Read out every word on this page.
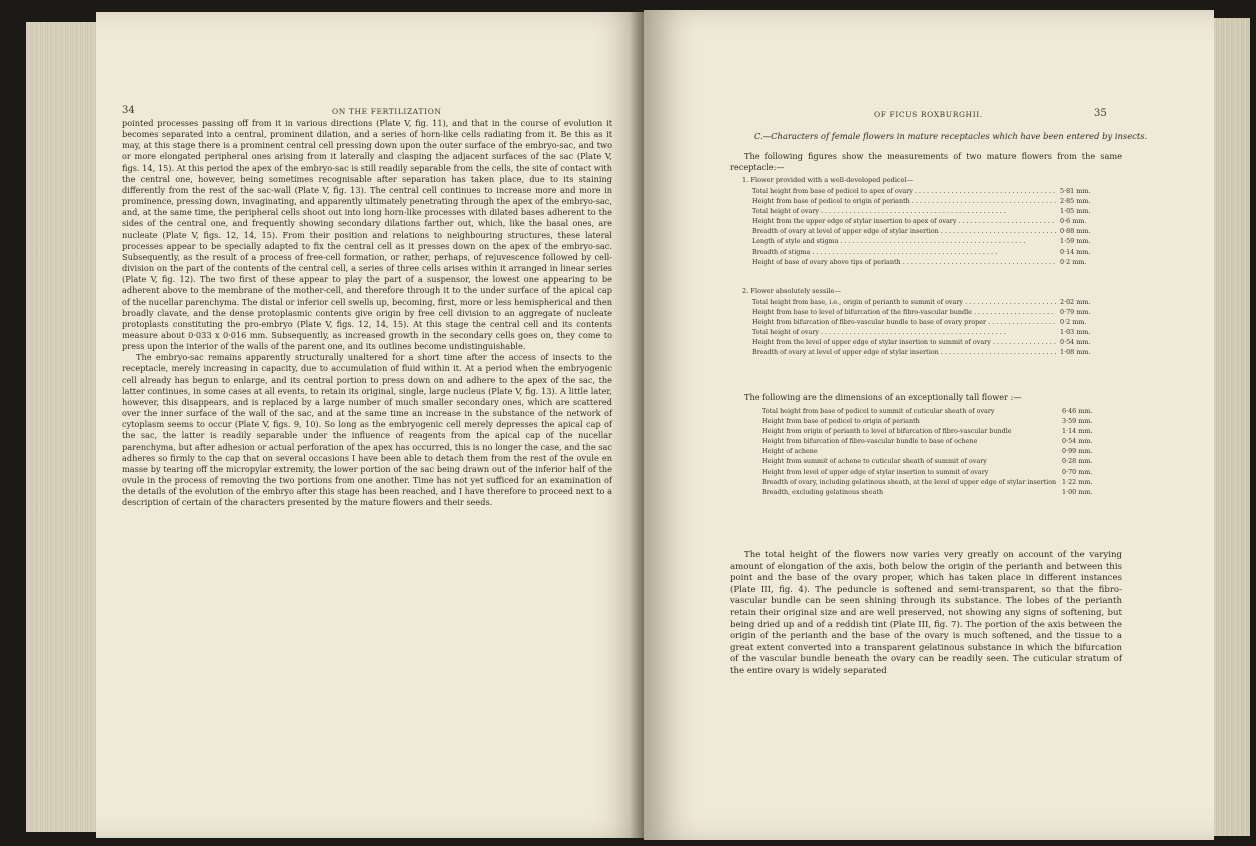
34	ON THE FERTILIZATION

pointed processes passing off from it in various directions (Plate V, fig. 11), and that in the course of evolution it becomes separated into a central, prominent dilation, and a series of horn-like cells radiating from it. Be this as it may, at this stage there is a prominent central cell pressing down upon the outer surface of the embryo-sac, and two or more elongated peripheral ones arising from it laterally and clasping the adjacent surfaces of the sac (Plate V, figs. 14, 15). At this period the apex of the embryo-sac is still readily separable from the cells, the site of contact with the central one, however, being sometimes recognisable after separation has taken place, due to its staining differently from the rest of the sac-wall (Plate V, fig. 13). The central cell continues to increase more and more in prominence, pressing down, invaginating, and apparently ultimately penetrating through the apex of the embryo-sac, and, at the same time, the peripheral cells shoot out into long horn-like processes with dilated bases adherent to the sides of the central one, and frequently showing secondary dilations farther out, which, like the basal ones, are nucleate (Plate V, figs. 12, 14, 15). From their position and relations to neighbouring structures, these lateral processes appear to be specially adapted to fix the central cell as it presses down on the apex of the embryo-sac. Subsequently, as the result of a process of free-cell formation, or rather, perhaps, of rejuvescence followed by cell-division on the part of the contents of the central cell, a series of three cells arises within it arranged in linear series (Plate V, fig. 12). The two first of these appear to play the part of a suspensor, the lowest one appearing to be adherent above to the membrane of the mother-cell, and therefore through it to the under surface of the apical cap of the nucellar parenchyma. The distal or inferior cell swells up, becoming, first, more or less hemispherical and then broadly clavate, and the dense protoplasmic contents give origin by free cell division to an aggregate of nucleate protoplasts constituting the pro-embryo (Plate V, figs. 12, 14, 15). At this stage the central cell and its contents measure about 0·033 x 0·016 mm. Subsequently, as increased growth in the secondary cells goes on, they come to press upon the interior of the walls of the parent one, and its outlines become undistinguishable.

The embryo-sac remains apparently structurally unaltered for a short time after the access of insects to the receptacle, merely increasing in capacity, due to accumulation of fluid within it. At a period when the embryogenic cell already has begun to enlarge, and its central portion to press down on and adhere to the apex of the sac, the latter continues, in some cases at all events, to retain its original, single, large nucleus (Plate V, fig. 13). A little later, however, this disappears, and is replaced by a large number of much smaller secondary ones, which are scattered over the inner surface of the wall of the sac, and at the same time an increase in the substance of the network of cytoplasm seems to occur (Plate V, figs. 9, 10). So long as the embryogenic cell merely depresses the apical cap of the sac, the latter is readily separable under the influence of reagents from the apical cap of the nucellar parenchyma, but after adhesion or actual perforation of the apex has occurred, this is no longer the case, and the sac adheres so firmly to the cap that on several occasions I have been able to detach them from the rest of the ovule en masse by tearing off the micropylar extremity, the lower portion of the sac being drawn out of the inferior half of the ovule in the process of removing the two portions from one another. Time has not yet sufficed for an examination of the details of the evolution of the embryo after this stage has been reached, and I have therefore to proceed next to a description of certain of the characters presented by the mature flowers and their seeds.

OF FICUS ROXBURGHII.	35
C.—Characters of female flowers in mature receptacles which have been entered by insects.

The following figures show the measurements of two mature flowers from the same receptacle:—

1. Flower provided with a well-developed pedicel—
Total height from base of pedicel to apex of ovary . . .	5·81 mm.
Height from base of pedicel to origin of perianth . . .	2·85 mm.
Total height of ovary . . .	1·05 mm.
Height from the upper edge of stylar insertion to apex of ovary . . .	0·6 mm.
Breadth of ovary at level of upper edge of stylar insertion . . .	0·88 mm.
Length of style and stigma . . .	1·59 mm.
Breadth of stigma . . .	0·14 mm.
Height of base of ovary above tips of perianth . . .	0·2 mm.
2. Flower absolutely sessile—
Total height from base, i.e., origin of perianth to summit of ovary . . .	2·02 mm.
Height from base to level of bifurcation of the fibro-vascular bundle . . .	0·79 mm.
Height from bifurcation of fibro-vascular bundle to base of ovary proper . . .	0·2 mm.
Total height of ovary . . .	1·03 mm.
Height from the level of upper edge of stylar insertion to summit of ovary . . .	0·54 mm.
Breadth of ovary at level of upper edge of stylar insertion . . .	1·08 mm.

The following are the dimensions of an exceptionally tall flower :—

Total height from base of pedicel to summit of cuticular sheath of ovary	6·46 mm.
Height from base of pedicel to origin of perianth	3·59 mm.
Height from origin of perianth to level of bifurcation of fibro-vascular bundle	1·14 mm.
Height from bifurcation of fibro-vascular bundle to base of ochene	0·54 mm.
Height of achene	0·99 mm.
Height from summit of achene to cuticular sheath of summit of ovary	0·28 mm.
Height from level of upper edge of stylar insertion to summit of ovary	0·70 mm.
Breadth of ovary, including gelatinous sheath, at the level of upper edge of stylar insertion 1·22 mm.
Breadth, excluding gelatinous sheath	1·00 mm.

The total height of the flowers now varies very greatly on account of the varying amount of elongation of the axis, both below the origin of the perianth and between this point and the base of the ovary proper, which has taken place in different instances (Plate III, fig. 4). The peduncle is softened and semi-transparent, so that the fibro-vascular bundle can be seen shining through its substance. The lobes of the perianth retain their original size and are well preserved, not showing any signs of softening, but being dried up and of a reddish tint (Plate III, fig. 7). The portion of the axis between the origin of the perianth and the base of the ovary is much softened, and the tissue to a great extent converted into a transparent gelatinous substance in which the bifurcation of the vascular bundle beneath the ovary can be readily seen. The cuticular stratum of the entire ovary is widely separated
